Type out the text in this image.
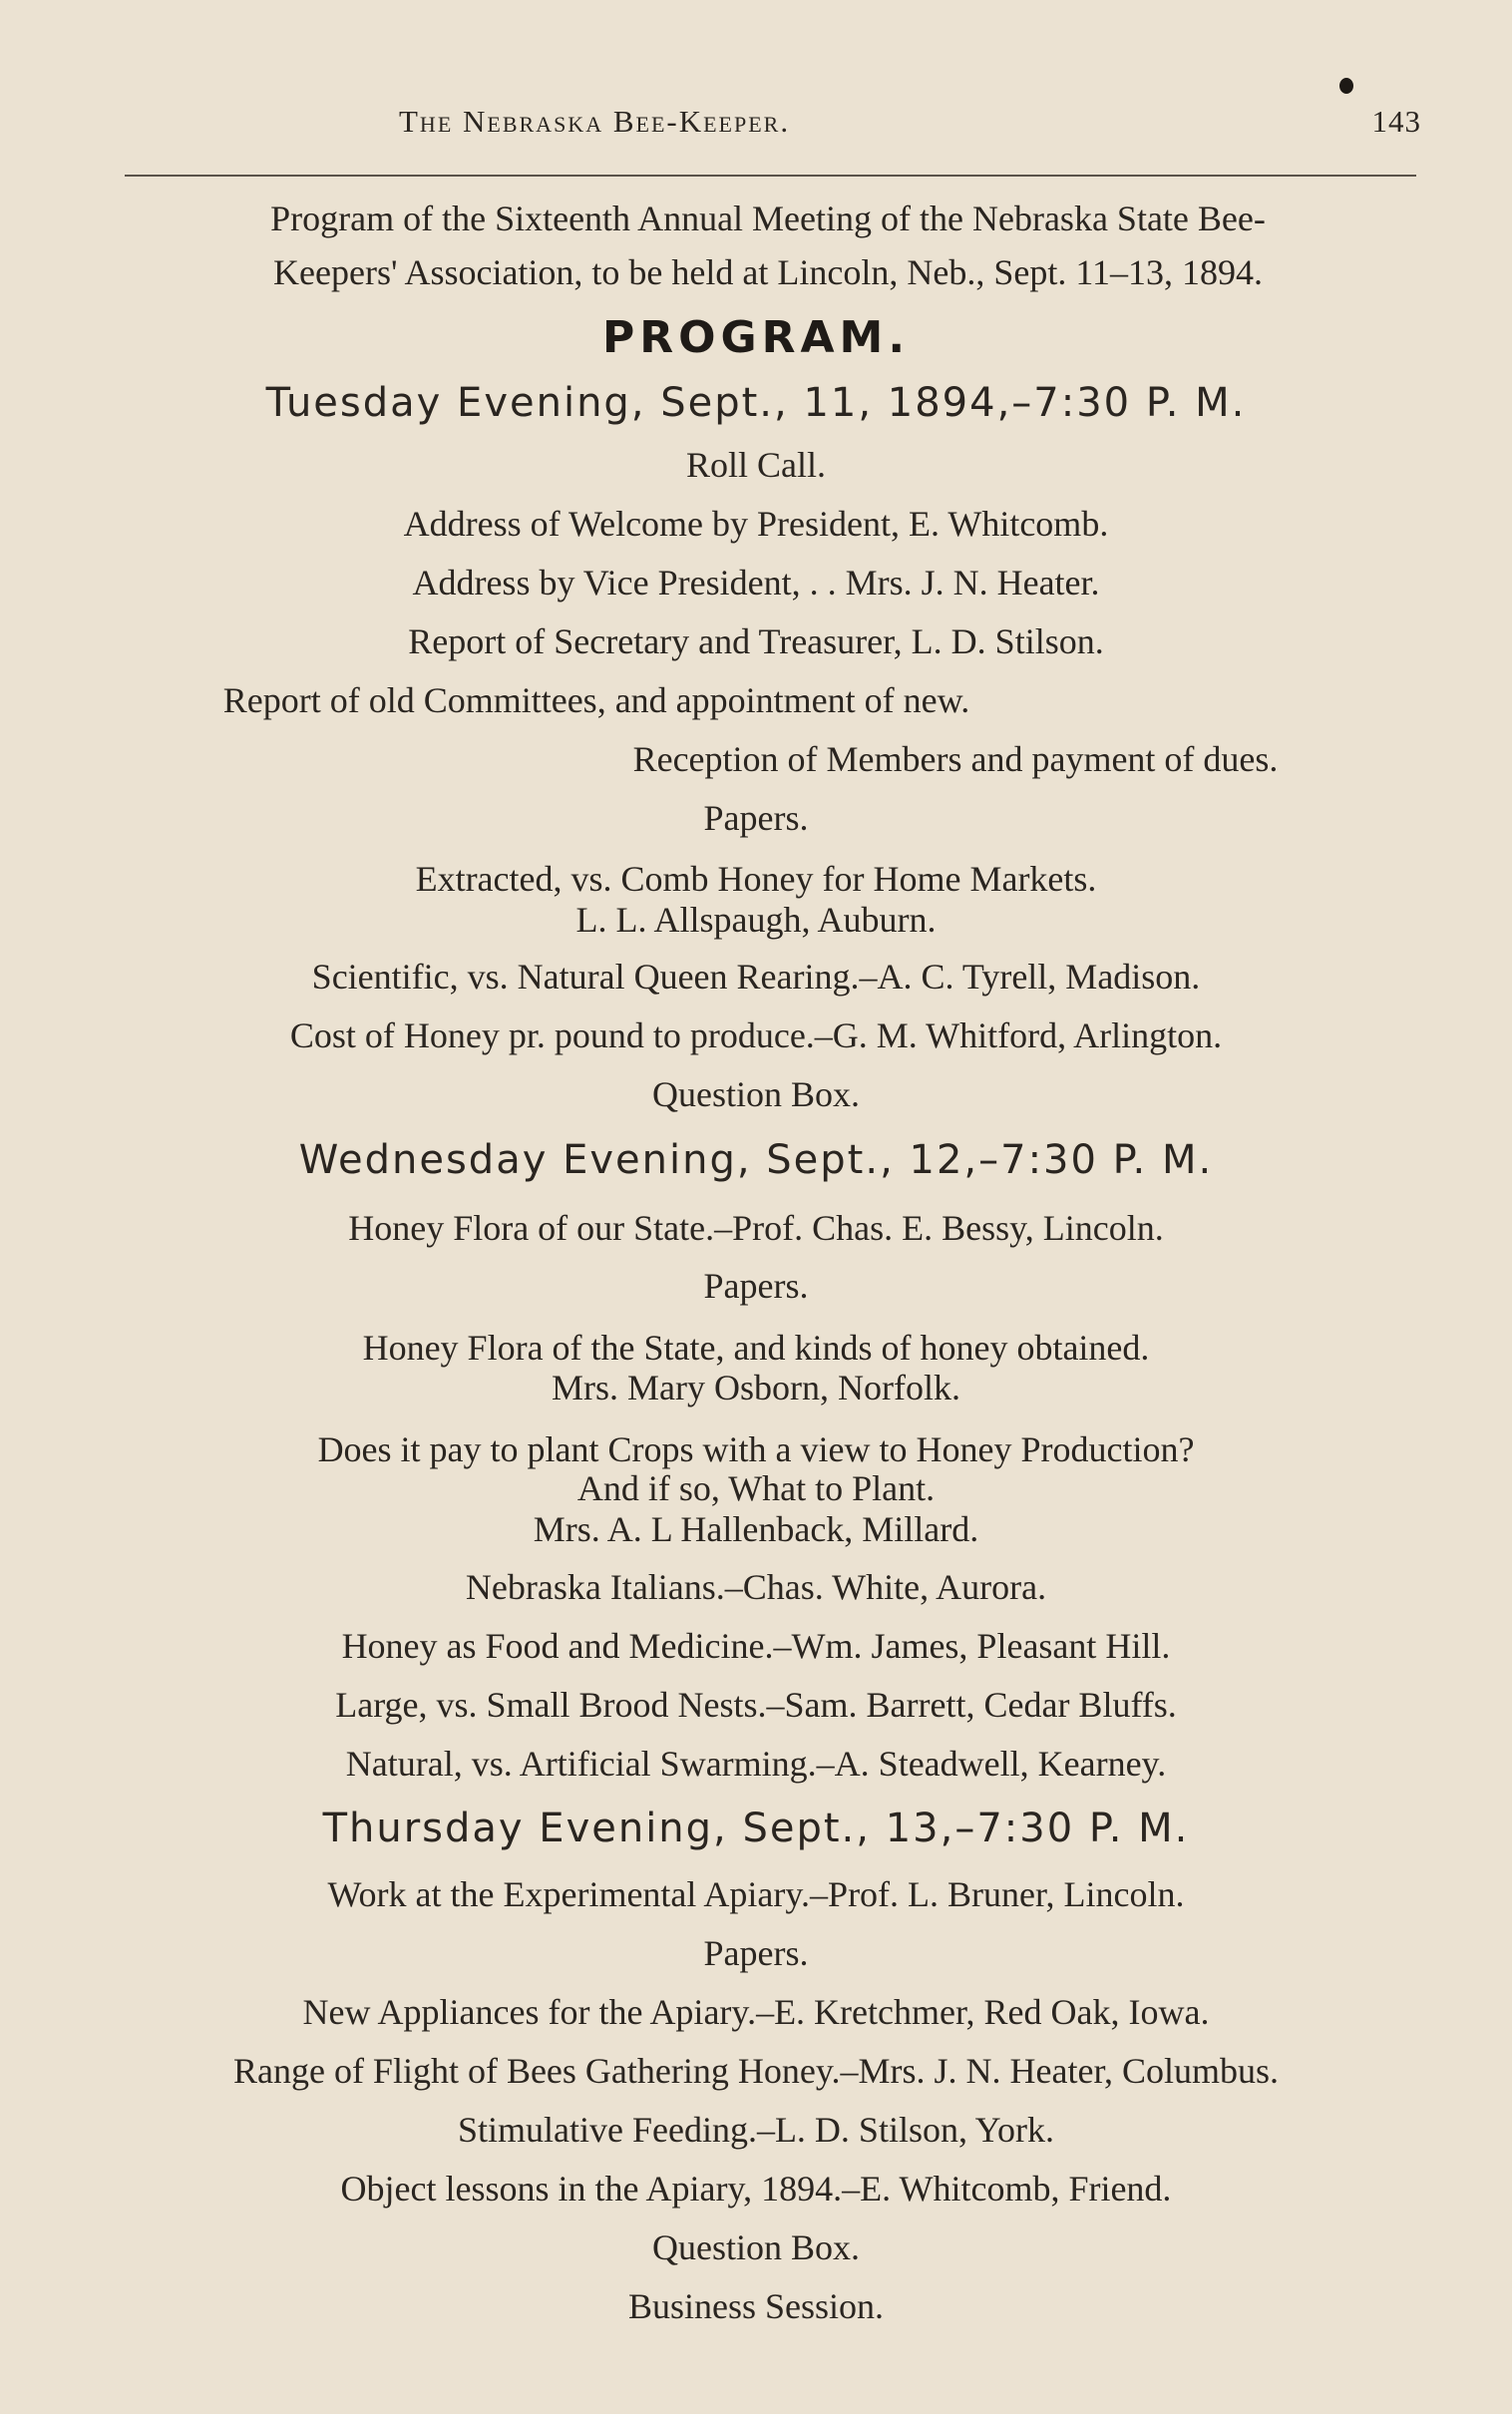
The Nebraska Bee-Keeper.	143
Program of the Sixteenth Annual Meeting of the Nebraska State Bee-
Keepers' Association, to be held at Lincoln, Neb., Sept. 11–13, 1894.
PROGRAM.
Tuesday Evening, Sept., 11, 1894,–7:30 P. M.
Roll Call.
Address of Welcome by President, E. Whitcomb.
Address by Vice President, . . Mrs. J. N. Heater.
Report of Secretary and Treasurer, L. D. Stilson.
Report of old Committees, and appointment of new.
Reception of Members and payment of dues.
Papers.
Extracted, vs. Comb Honey for Home Markets.
L. L. Allspaugh, Auburn.
Scientific, vs. Natural Queen Rearing.–A. C. Tyrell, Madison.
Cost of Honey pr. pound to produce.–G. M. Whitford, Arlington.
Question Box.
Wednesday Evening, Sept., 12,–7:30 P. M.
Honey Flora of our State.–Prof. Chas. E. Bessy, Lincoln.
Papers.
Honey Flora of the State, and kinds of honey obtained.
Mrs. Mary Osborn, Norfolk.
Does it pay to plant Crops with a view to Honey Production?
And if so, What to Plant.
Mrs. A. L Hallenback, Millard.
Nebraska Italians.–Chas. White, Aurora.
Honey as Food and Medicine.–Wm. James, Pleasant Hill.
Large, vs. Small Brood Nests.–Sam. Barrett, Cedar Bluffs.
Natural, vs. Artificial Swarming.–A. Steadwell, Kearney.
Thursday Evening, Sept., 13,–7:30 P. M.
Work at the Experimental Apiary.–Prof. L. Bruner, Lincoln.
Papers.
New Appliances for the Apiary.–E. Kretchmer, Red Oak, Iowa.
Range of Flight of Bees Gathering Honey.–Mrs. J. N. Heater, Columbus.
Stimulative Feeding.–L. D. Stilson, York.
Object lessons in the Apiary, 1894.–E. Whitcomb, Friend.
Question Box.
Business Session.
